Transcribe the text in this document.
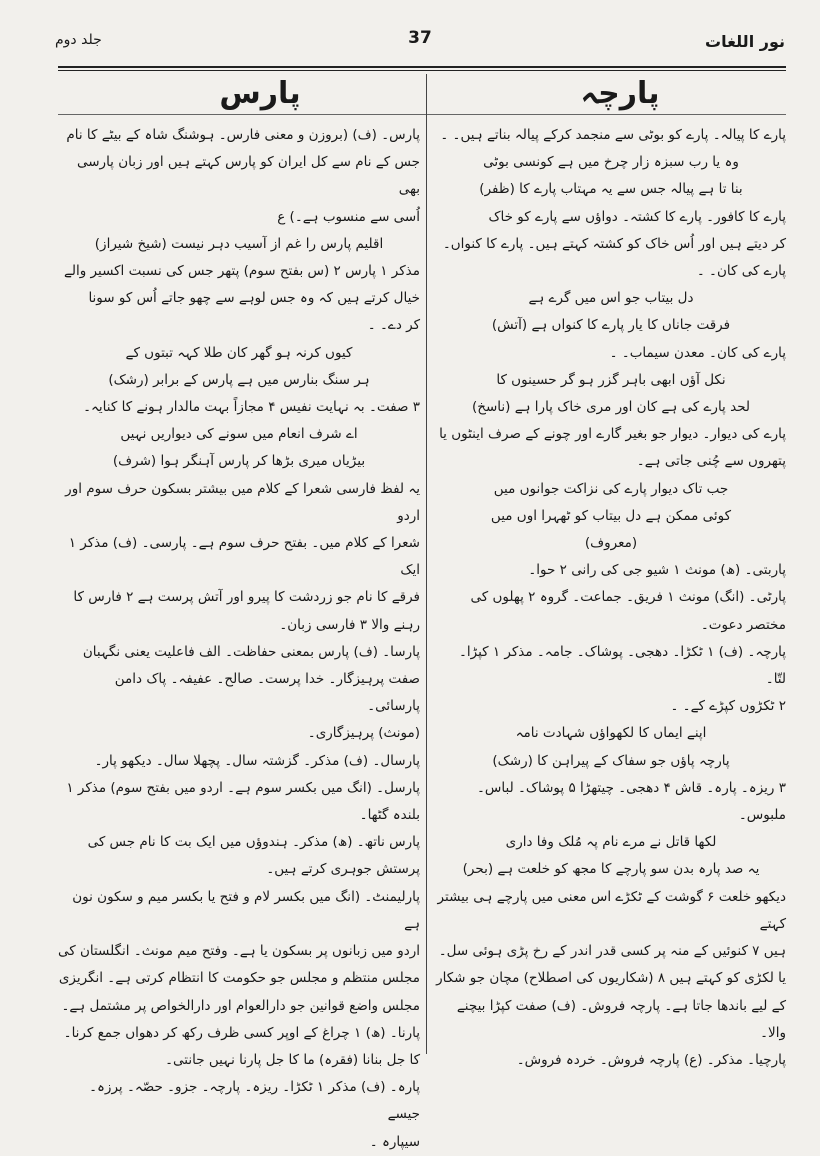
نور اللغات
37
جلد دوم
پارچہ
پارس

پارے کا پیالہ۔ پارے کو بوٹی سے منجمد کرکے پیالہ بناتے ہیں۔ ۔

وہ یا رب سبزہ زار چرخ میں ہے کونسی بوٹی

بنا تا ہے پیالہ جس سے یہ مہتاب پارے کا (ظفر)

پارے کا کافور۔ پارے کا کشتہ۔ دواؤں سے پارے کو خاک

کر دیتے ہیں اور اُس خاک کو کشتہ کہتے ہیں۔ پارے کا کنواں۔

پارے کی کان۔ ۔

دل بیتاب جو اس میں گرے ہے

فرقت جاناں کا یار پارے کا کنواں ہے (آتش)

پارے کی کان۔ معدن سیماب۔ ۔

نکل آؤں ابھی باہر گزر ہو گر حسینوں کا

لحد پارے کی ہے کان اور مری خاک پارا ہے (ناسخ)

پارے کی دیوار۔ دیوار جو بغیر گارے اور چونے کے صرف اینٹوں یا

پتھروں سے چُنی جاتی ہے۔

جب تاک دیوار پارے کی نزاکت جوانوں میں

کوئی ممکن ہے دل بیتاب کو ٹھہرا اوں میں

(معروف)

پاربتی۔ (ھ) مونث ۱ شیو جی کی رانی ۲ حوا۔

پارٹی۔ (انگ) مونث ۱ فریق۔ جماعت۔ گروہ ۲ پھلوں کی

مختصر دعوت۔

پارچہ۔ (ف) ۱ ٹکڑا۔ دھجی۔ پوشاک۔ جامہ۔ مذکر ۱ کپڑا۔ لتّا۔

۲ ٹکڑوں کپڑے کے۔ ۔

اپنے ایماں کا لکھواؤں شہادت نامہ

پارچہ پاؤں جو سفاک کے پیراہن کا (رشک)

۳ ریزہ۔ پارہ۔ قاش ۴ دھجی۔ چیتھڑا ۵ پوشاک۔ لباس۔ ملبوس۔

لکھا قاتل نے مرے نام پہ مُلک وفا داری

یہ صد پارہ بدن سو پارچے کا مجھ کو خلعت ہے (بحر)

دیکھو خلعت ۶ گوشت کے ٹکڑے اس معنی میں پارچے ہی بیشتر کہتے

ہیں ۷ کنوئیں کے منہ پر کسی قدر اندر کے رخ پڑی ہوئی سل۔

یا لکڑی کو کہتے ہیں ۸ (شکاریوں کی اصطلاح) مچان جو شکار

کے لیے باندھا جاتا ہے۔ پارچہ فروش۔ (ف) صفت کپڑا بیچنے والا۔

پارچیا۔ مذکر۔ (ع) پارچہ فروش۔ خردہ فروش۔

پارس۔ (ف) (بروزن و معنی فارس۔ ہوشنگ شاہ کے بیٹے کا نام

جس کے نام سے کل ایران کو پارس کہتے ہیں اور زبان پارسی بھی

اُسی سے منسوب ہے۔) ع

اقلیم پارس را غم از آسیب دہر نیست (شیخ شیراز)

مذکر ۱ پارس ۲ (س بفتح سوم) پتھر جس کی نسبت اکسیر والے

خیال کرتے ہیں کہ وہ جس لوہے سے چھو جاتے اُس کو سونا

کر دے۔ ۔

کیوں کرنہ ہو گھر کان طلا کہہ تبتوں کے

ہر سنگ بنارس میں ہے پارس کے برابر (رشک)

۳ صفت۔ بہ نہایت نفیس ۴ مجازاً بہت مالدار ہونے کا کنایہ۔

اے شرف انعام میں سونے کی دیواریں نہیں

بیڑیاں میری بڑھا کر پارس آہنگر ہوا (شرف)

یہ لفظ فارسی شعرا کے کلام میں بیشتر بسکون حرف سوم اور اردو

شعرا کے کلام میں۔ بفتح حرف سوم ہے۔ پارسی۔ (ف) مذکر ۱ ایک

فرقے کا نام جو زردشت کا پیرو اور آتش پرست ہے ۲ فارس کا

رہنے والا ۳ فارسی زبان۔

پارسا۔ (ف) پارس بمعنی حفاظت۔ الف فاعلیت یعنی نگہبان

صفت پرہیزگار۔ خدا پرست۔ صالح۔ عفیفہ۔ پاک دامن پارسائی۔

(مونث) پرہیزگاری۔

پارسال۔ (ف) مذکر۔ گزشتہ سال۔ پچھلا سال۔ دیکھو پار۔

پارسل۔ (انگ میں بکسر سوم ہے۔ اردو میں بفتح سوم) مذکر ۱ بلندہ گٹھا۔

پارس ناتھ۔ (ھ) مذکر۔ ہندوؤں میں ایک بت کا نام جس کی

پرستش جوہری کرتے ہیں۔

پارلیمنٹ۔ (انگ میں بکسر لام و فتح یا بکسر میم و سکون نون ہے

اردو میں زبانوں پر بسکون یا ہے۔ وفتح میم مونث۔ انگلستان کی

مجلس منتظم و مجلس جو حکومت کا انتظام کرتی ہے۔ انگریزی

مجلس واضع قوانین جو دارالعوام اور دارالخواص پر مشتمل ہے۔

پارنا۔ (ھ) ۱ چراغ کے اوپر کسی ظرف رکھ کر دھواں جمع کرنا۔

کا جل بنانا (فقرہ) ما کا جل پارنا نہیں جانتی۔

پارہ۔ (ف) مذکر ۱ ٹکڑا۔ ریزہ۔ پارچہ۔ جزو۔ حصّہ۔ پرزہ۔ جیسے

سیپارہ ۔
